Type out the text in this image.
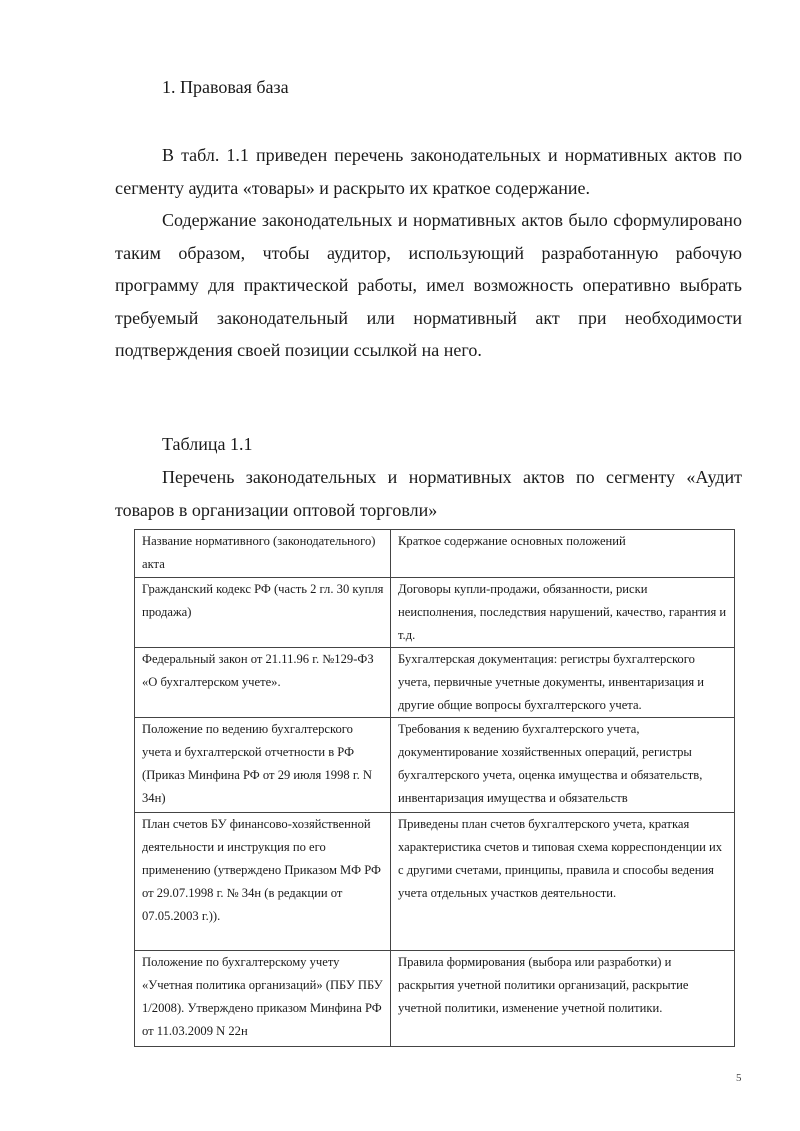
1. Правовая база

В табл. 1.1 приведен перечень законодательных и нормативных актов по сегменту аудита «товары» и раскрыто их краткое содержание.

Содержание законодательных и нормативных актов было сформулировано таким образом, чтобы аудитор, использующий разработанную рабочую программу для практической работы, имел возможность оперативно выбрать требуемый законодательный или нормативный акт при необходимости подтверждения своей позиции ссылкой на него.

Таблица 1.1

Перечень законодательных и нормативных актов по сегменту «Аудит товаров в организации оптовой торговли»

Название нормативного (законодательного) акта	Краткое содержание основных положений
Гражданский кодекс РФ (часть 2 гл. 30 купля продажа)	Договоры купли-продажи, обязанности, риски неисполнения, последствия нарушений, качество, гарантия и т.д.
Федеральный закон от 21.11.96 г. №129-ФЗ «О бухгалтерском учете».	Бухгалтерская документация: регистры бухгалтерского учета, первичные учетные документы, инвентаризация и другие общие вопросы бухгалтерского учета.
Положение по ведению бухгалтерского учета и бухгалтерской отчетности в РФ (Приказ Минфина РФ от 29 июля 1998 г. N 34н)	Требования к ведению бухгалтерского учета, документирование хозяйственных операций, регистры бухгалтерского учета, оценка имущества и обязательств, инвентаризация имущества и обязательств
План счетов БУ финансово-хозяйственной деятельности и инструкция по его применению (утверждено Приказом МФ РФ от 29.07.1998 г. № 34н (в редакции от 07.05.2003 г.)).	Приведены план счетов бухгалтерского учета, краткая характеристика счетов и типовая схема корреспонденции их с другими счетами, принципы, правила и способы ведения учета отдельных участков деятельности.
Положение по бухгалтерскому учету «Учетная политика организаций» (ПБУ ПБУ 1/2008). Утверждено приказом Минфина РФ от 11.03.2009 N 22н	Правила формирования (выбора или разработки) и раскрытия учетной политики организаций, раскрытие учетной политики, изменение учетной политики.
5
